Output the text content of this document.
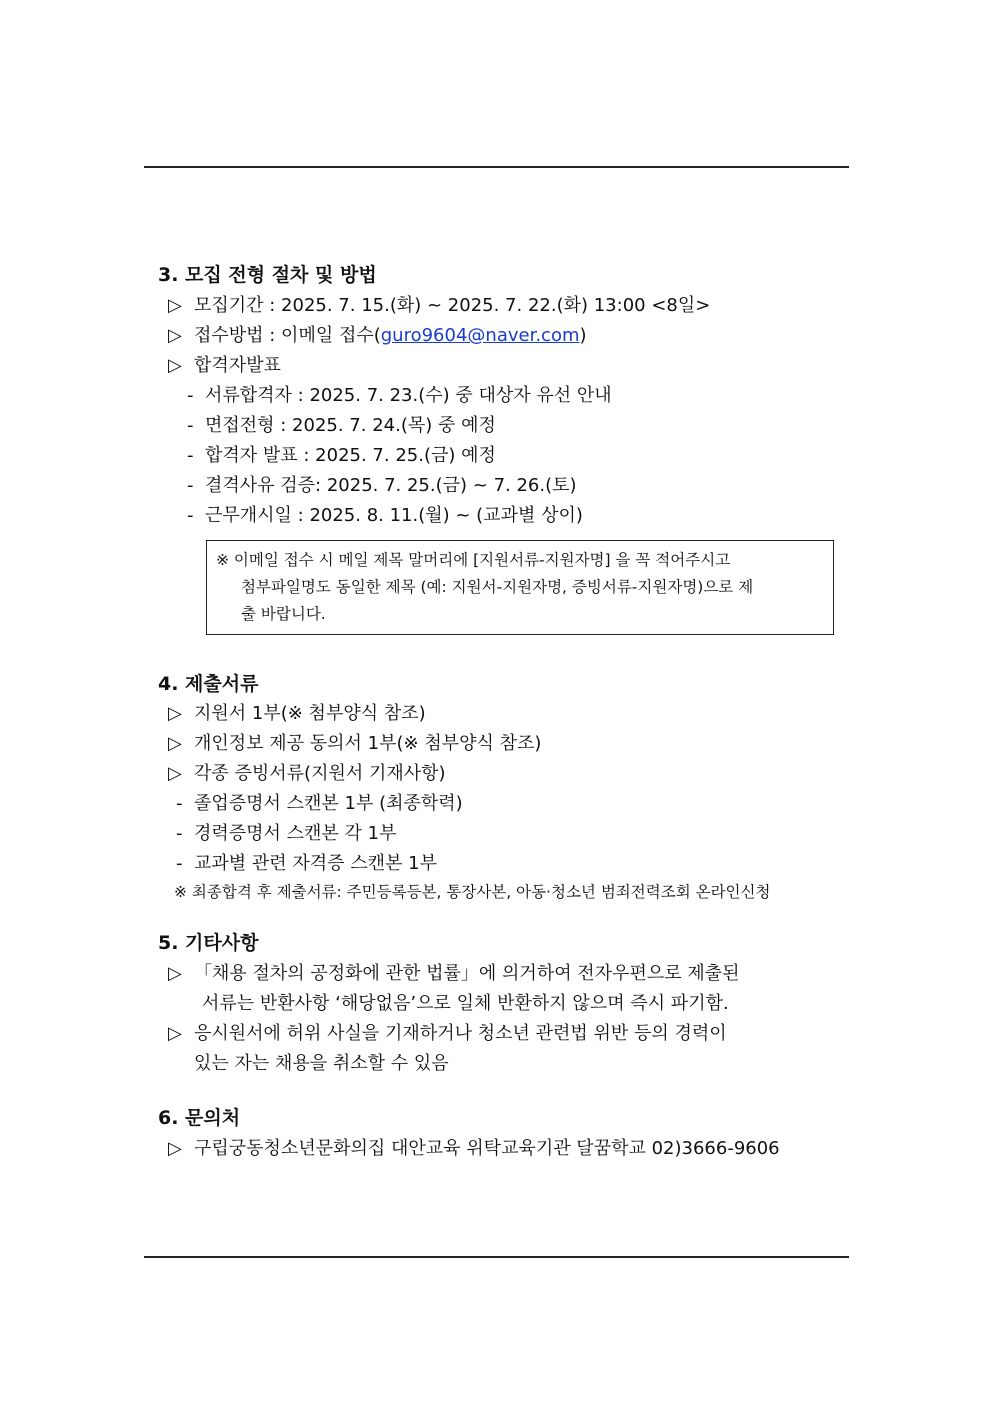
3. 모집 전형 절차 및 방법
▷ 모집기간 : 2025. 7. 15.(화) ~ 2025. 7. 22.(화) 13:00 <8일>
▷ 접수방법 : 이메일 접수(guro9604@naver.com)
▷ 합격자발표
- 서류합격자 : 2025. 7. 23.(수) 중 대상자 유선 안내
- 면접전형 : 2025. 7. 24.(목) 중 예정
- 합격자 발표 : 2025. 7. 25.(금) 예정
- 결격사유 검증: 2025. 7. 25.(금) ~ 7. 26.(토)
- 근무개시일 : 2025. 8. 11.(월) ~ (교과별 상이)
※ 이메일 접수 시 메일 제목 말머리에 [지원서류-지원자명] 을 꼭 적어주시고
첨부파일명도 동일한 제목 (예: 지원서-지원자명, 증빙서류-지원자명)으로 제
출 바랍니다.
4. 제출서류
▷ 지원서 1부(※ 첨부양식 참조)
▷ 개인정보 제공 동의서 1부(※ 첨부양식 참조)
▷ 각종 증빙서류(지원서 기재사항)
- 졸업증명서 스캔본 1부 (최종학력)
- 경력증명서 스캔본 각 1부
- 교과별 관련 자격증 스캔본 1부
※ 최종합격 후 제출서류: 주민등록등본, 통장사본, 아동·청소년 범죄전력조회 온라인신청
5. 기타사항
▷ 「채용 절차의 공정화에 관한 법률」에 의거하여 전자우편으로 제출된
서류는 반환사항 ‘해당없음’으로 일체 반환하지 않으며 즉시 파기함.
▷ 응시원서에 허위 사실을 기재하거나 청소년 관련법 위반 등의 경력이
있는 자는 채용을 취소할 수 있음
6. 문의처
▷ 구립궁동청소년문화의집 대안교육 위탁교육기관 달꿈학교 02)3666-9606
